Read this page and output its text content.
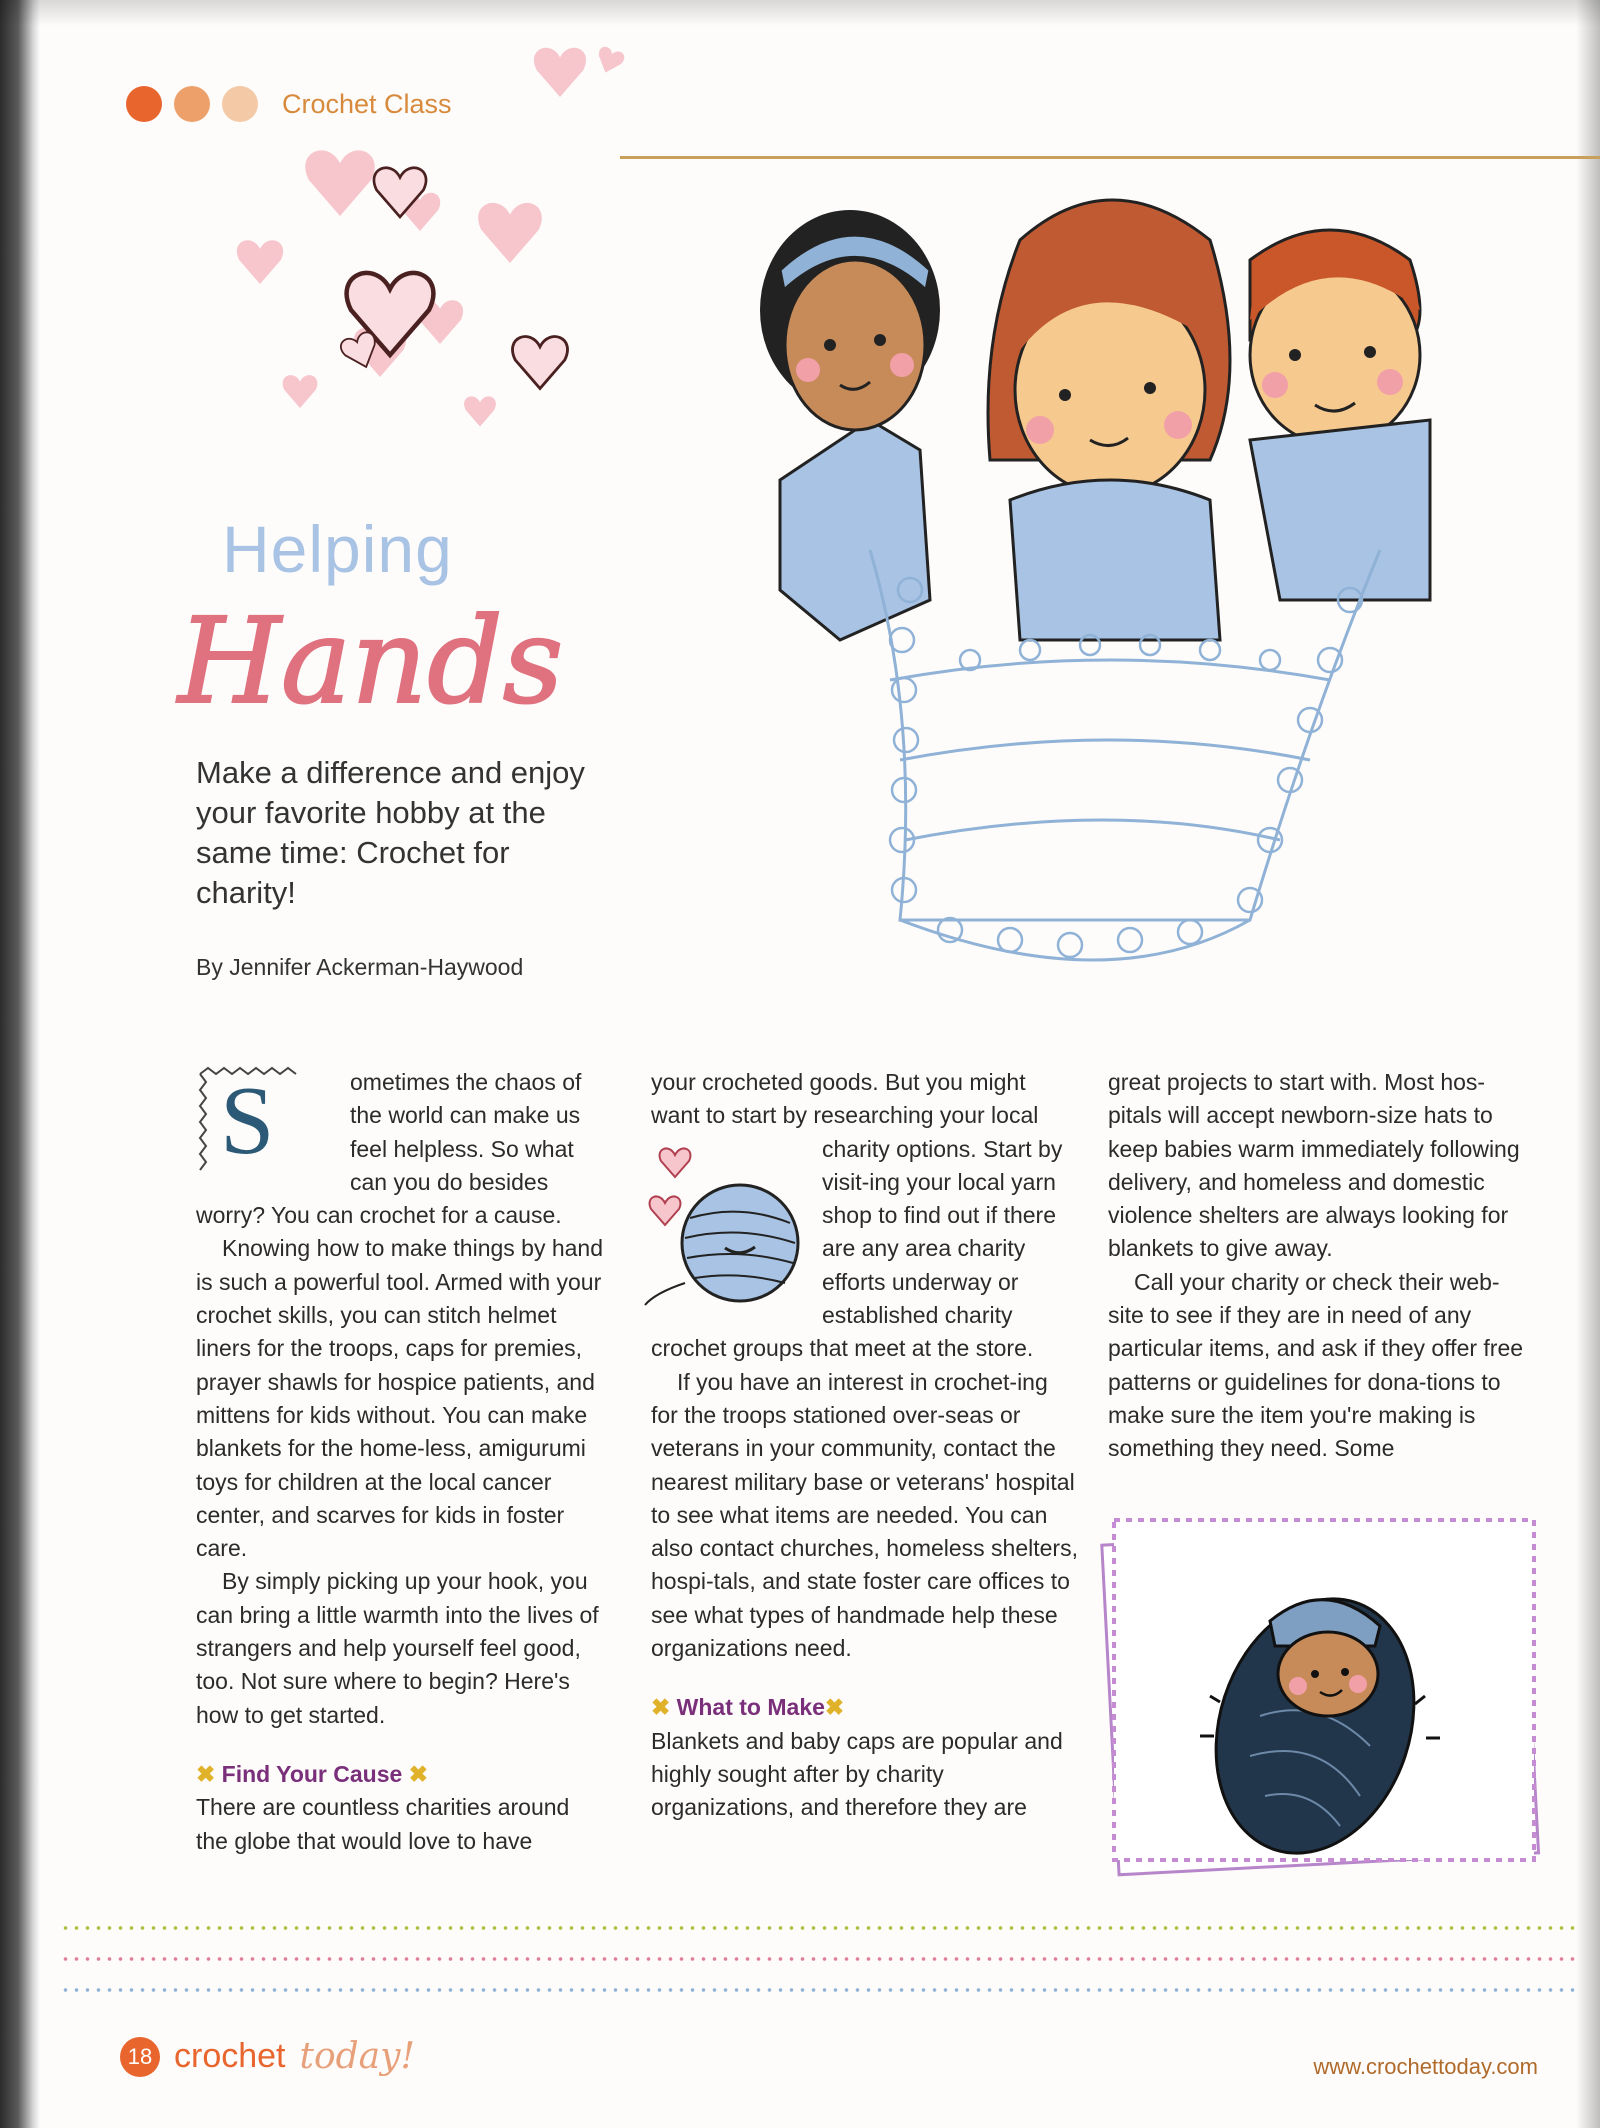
Crochet Class
Helping
Hands
Make a difference and enjoy your favorite hobby at the same time: Crochet for charity!
By Jennifer Ackerman-Haywood
S	ometimes the chaos of the world can make us feel helpless. So what can you do besides worry? You can crochet for a cause.

Knowing how to make things by hand is such a powerful tool. Armed with your crochet skills, you can stitch helmet liners for the troops, caps for premies, prayer shawls for hospice patients, and mittens for kids without. You can make blankets for the home-less, amigurumi toys for children at the local cancer center, and scarves for kids in foster care.

By simply picking up your hook, you can bring a little warmth into the lives of strangers and help yourself feel good, too. Not sure where to begin? Here's how to get started.

✖ Find Your Cause ✖

There are countless charities around the globe that would love to have

your crocheted goods. But you might want to start by researching your local

charity options. Start by visit-ing your local yarn shop to find out if there are any area charity efforts underway or established charity crochet groups that meet at the store.

If you have an interest in crochet-ing for the troops stationed over-seas or veterans in your community, contact the nearest military base or veterans' hospital to see what items are needed. You can also contact churches, homeless shelters, hospi-tals, and state foster care offices to see what types of handmade help these organizations need.

✖ What to Make✖

Blankets and baby caps are popular and highly sought after by charity organizations, and therefore they are

great projects to start with. Most hos-pitals will accept newborn-size hats to keep babies warm immediately following delivery, and homeless and domestic violence shelters are always looking for blankets to give away.

Call your charity or check their web-site to see if they are in need of any particular items, and ask if they offer free patterns or guidelines for dona-tions to make sure the item you're making is something they need. Some

18 crochet today!	www.crochettoday.com
